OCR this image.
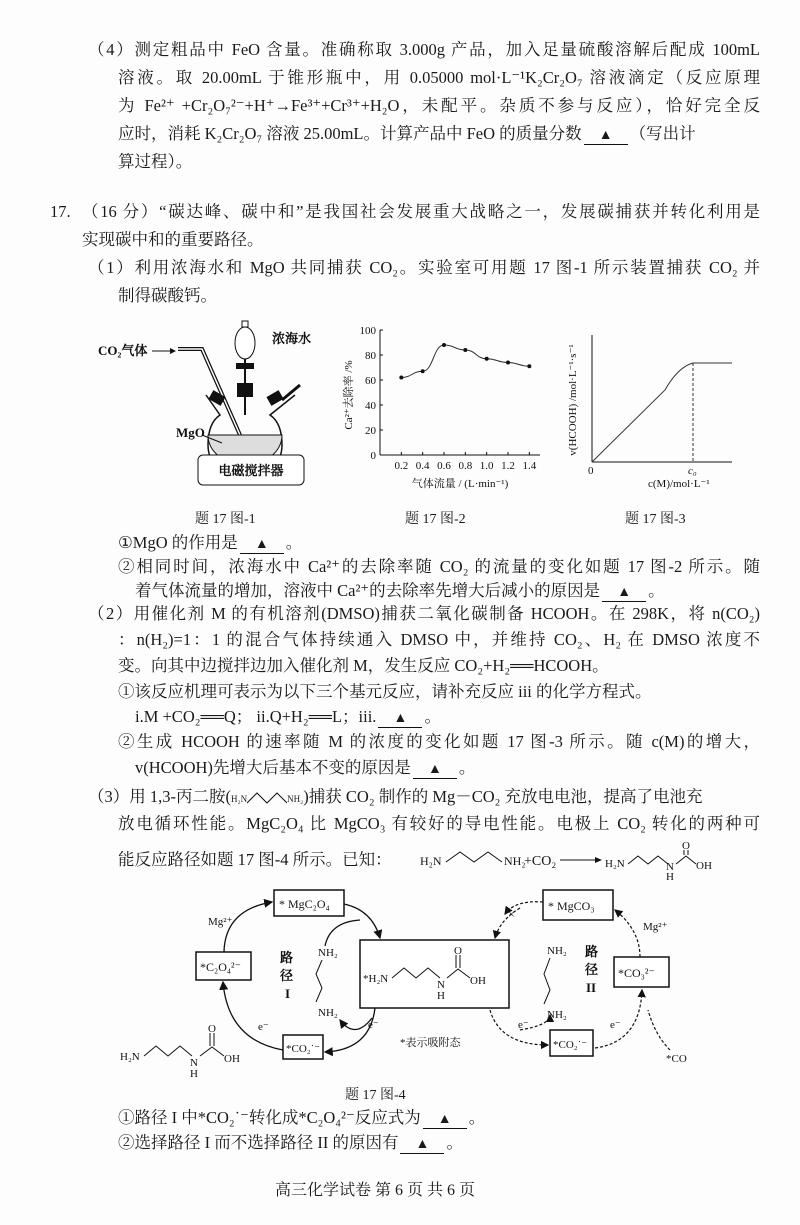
（4）测定粗品中 FeO 含量。准确称取 3.000g 产品，加入足量硫酸溶解后配成 100mL
溶液。取 20.00mL 于锥形瓶中，用 0.05000 mol·L⁻¹K₂Cr₂O₇ 溶液滴定（反应原理
为 Fe²⁺ +Cr₂O₇²⁻+H⁺→Fe³⁺+Cr³⁺+H₂O，未配平。杂质不参与反应），恰好完全反
应时，消耗 K₂Cr₂O₇ 溶液 25.00mL。计算产品中 FeO 的质量分数 ▲ （写出计
算过程）。
17. （16 分）“碳达峰、碳中和”是我国社会发展重大战略之一，发展碳捕获并转化利用是
实现碳中和的重要路径。
（1）利用浓海水和 MgO 共同捕获 CO₂。实验室可用题 17 图-1 所示装置捕获 CO₂ 并
制得碳酸钙。
CO₂气体
浓海水
MgO
电磁搅拌器
题 17 图-1
0
20
40
60
80
100
0.2 0.4 0.6 0.8 1.0 1.2 1.4
Ca²⁺去除率 /%
气体流量 / (L·min⁻¹)
题 17 图-2
v(HCOOH) /mol·L⁻¹·s⁻¹
0	c₀
c(M)/mol·L⁻¹
题 17 图-3
①MgO 的作用是 ▲ 。
②相同时间，浓海水中 Ca²⁺的去除率随 CO₂ 的流量的变化如题 17 图-2 所示。随
着气体流量的增加，溶液中 Ca²⁺的去除率先增大后减小的原因是 ▲ 。
（2）用催化剂 M 的有机溶剂(DMSO)捕获二氧化碳制备 HCOOH。在 298K，将 n(CO₂)
：n(H₂)=1：1 的混合气体持续通入 DMSO 中，并维持 CO₂、H₂ 在 DMSO 浓度不
变。向其中边搅拌边加入催化剂 M，发生反应 CO₂+H₂══HCOOH。
①该反应机理可表示为以下三个基元反应，请补充反应 iii 的化学方程式。
i.M +CO₂══Q； ii.Q+H₂══L；iii. ▲ 。
②生成 HCOOH 的速率随 M 的浓度的变化如题 17 图-3 所示。随 c(M)的增大，
v(HCOOH)先增大后基本不变的原因是 ▲ 。
（3）用 1,3-丙二胺(H₂N	NH₂)捕获 CO₂ 制作的 Mg－CO₂ 充放电电池，提高了电池充
放电循环性能。MgC₂O₄ 比 MgCO₃ 有较好的导电性能。电极上 CO₂ 转化的两种可
能反应路径如题 17 图-4 所示。已知： H₂N	NH₂
+CO₂	H₂N	N
H
O
OH
* MgC₂O₄
*C₂O₄²⁻
*H₂N	N
H
O
OH
*CO₂˙⁻
* MgCO₃
*CO₃²⁻
*CO₂˙⁻
×
NH₂
NH₂
NH₂
NH₂
路
径
I
路
径
II
Mg²⁺	Mg²⁺
e⁻	e⁻	e⁻	e⁻
*CO
*表示吸附态
H₂N	N
H
O
OH
题 17 图-4
①路径 I 中*CO₂˙⁻转化成*C₂O₄²⁻反应式为 ▲ 。
②选择路径 I 而不选择路径 II 的原因有 ▲ 。
高三化学试卷 第 6 页 共 6 页
